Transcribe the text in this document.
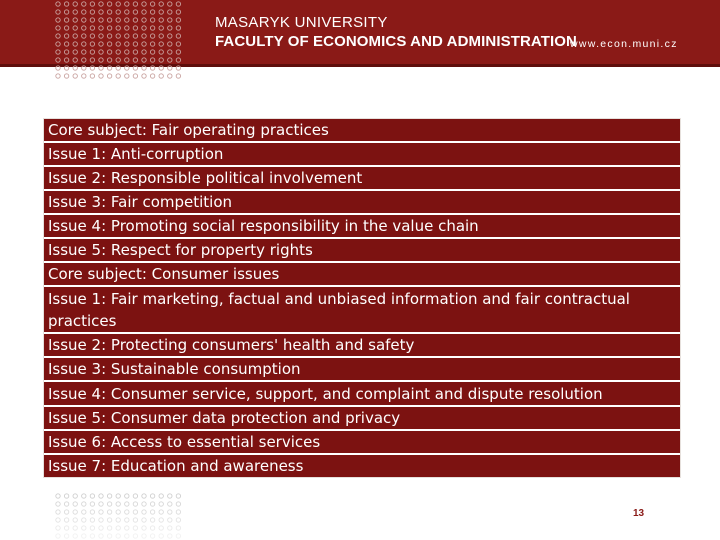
MASARYK UNIVERSITY
FACULTY OF ECONOMICS AND ADMINISTRATION
www.econ.muni.cz
Core subject: Fair operating practices
Issue 1: Anti-corruption
Issue 2: Responsible political involvement
Issue 3: Fair competition
Issue 4: Promoting social responsibility in the value chain
Issue 5: Respect for property rights
Core subject: Consumer issues
Issue 1: Fair marketing, factual and unbiased information and fair contractual practices
Issue 2: Protecting consumers' health and safety
Issue 3: Sustainable consumption
Issue 4: Consumer service, support, and complaint and dispute resolution
Issue 5: Consumer data protection and privacy
Issue 6: Access to essential services
Issue 7: Education and awareness
13
